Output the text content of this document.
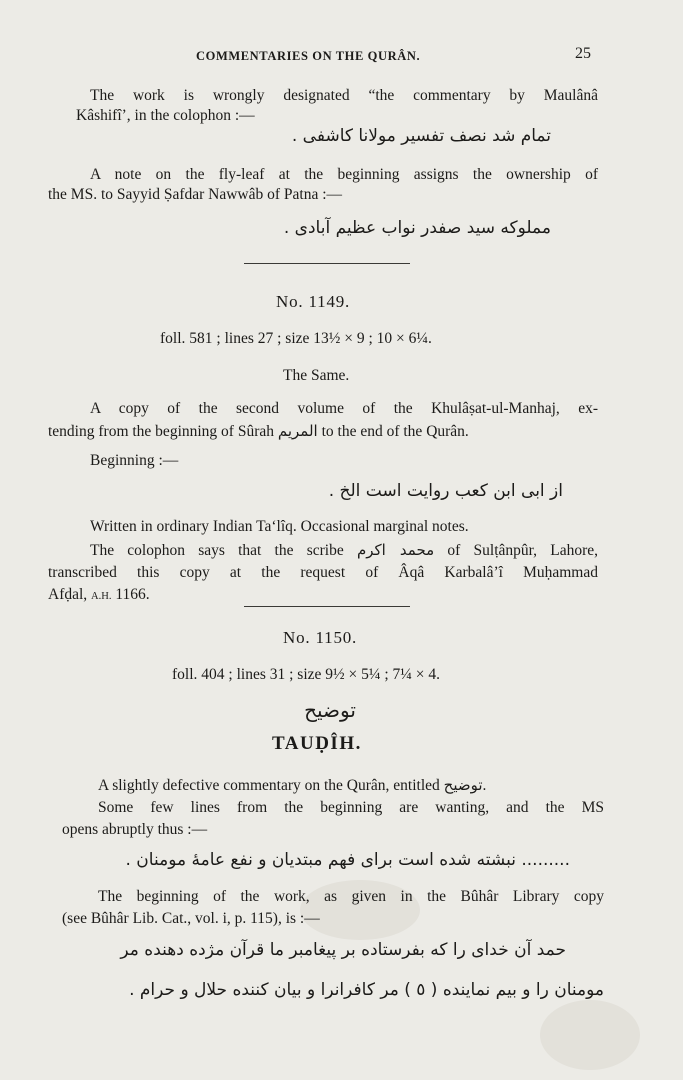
COMMENTARIES ON THE QURÂN.	25
The work is wrongly designated “the commentary by Maulânâ
Kâshifî’, in the colophon :—
تمام شد نصف تفسیر مولانا کاشفی .
A note on the fly-leaf at the beginning assigns the ownership of
the MS. to Sayyid Ṣafdar Nawwâb of Patna :—
مملوکه سید صفدر نواب عظیم آبادی .
No. 1149.
foll. 581 ; lines 27 ; size 13½ × 9 ; 10 × 6¼.
The Same.
A copy of the second volume of the Khulâṣat-ul-Manhaj, ex-
tending from the beginning of Sûrah المریم to the end of the Qurân.
Beginning :—
از ابی ابن کعب روایت است الخ .
Written in ordinary Indian Ta‘lîq. Occasional marginal notes.
The colophon says that the scribe محمد اکرم of Sulṭânpûr, Lahore,
transcribed this copy at the request of Âqâ Karbalâ’î Muḥammad
Afḍal, A.H. 1166.
No. 1150.
foll. 404 ; lines 31 ; size 9½ × 5¼ ; 7¼ × 4.
توضیح
TAUḌÎH.
A slightly defective commentary on the Qurân, entitled توضیح.
Some few lines from the beginning are wanting, and the MS
opens abruptly thus :—
......... نبشته شده است برای فهم مبتدیان و نفع عامهٔ مومنان .
The beginning of the work, as given in the Bûhâr Library copy
(see Bûhâr Lib. Cat., vol. i, p. 115), is :—
حمد آن خدای را که بفرستاده بر پیغامبر ما قرآن مژده دهنده مر
مومنان را و بیم نماینده ( ٥ ) مر کافرانرا و بیان کننده حلال و حرام .
